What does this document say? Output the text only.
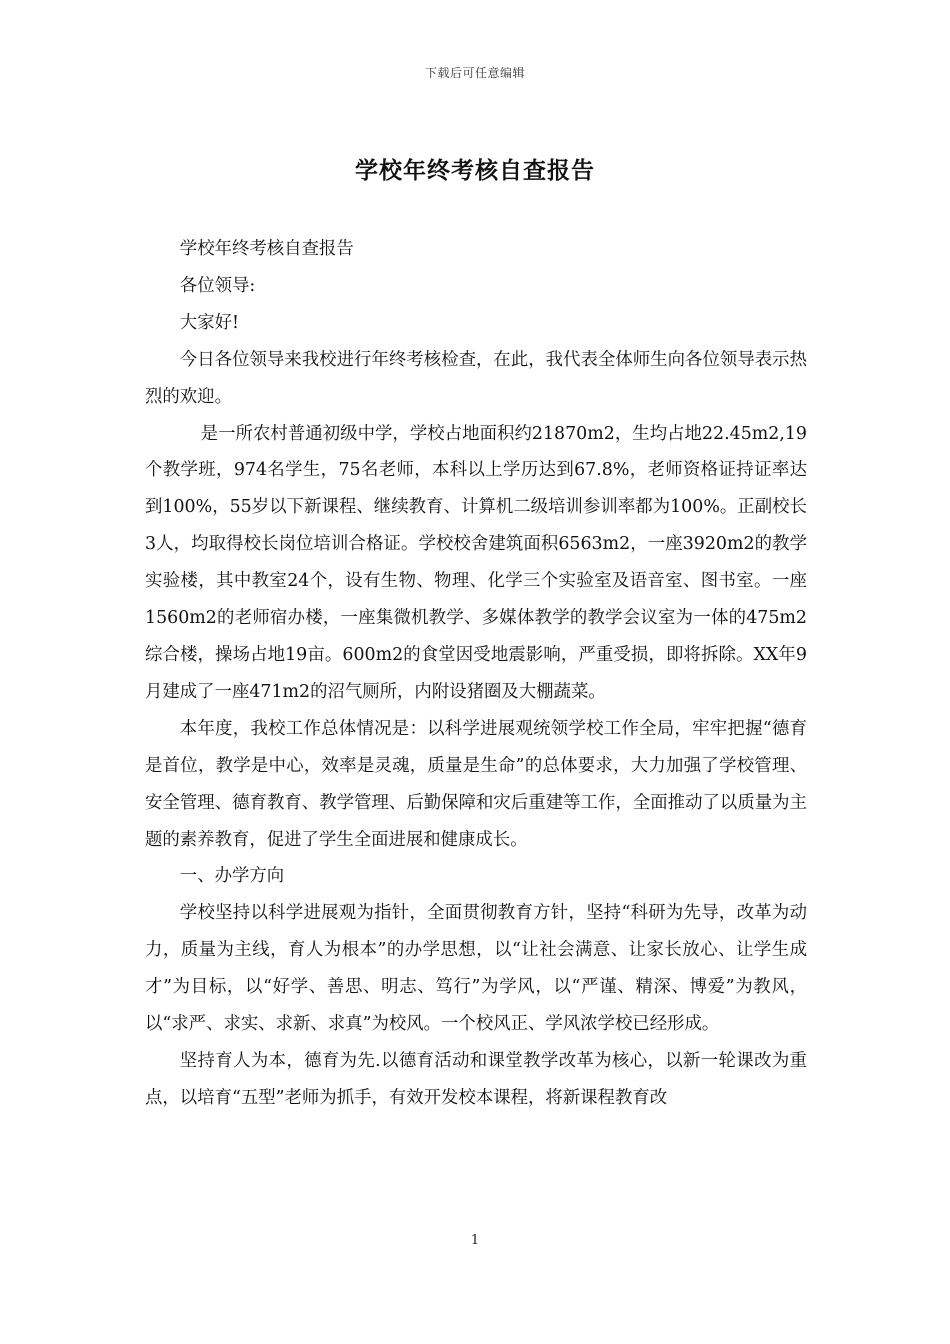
下载后可任意编辑
学校年终考核自查报告

学校年终考核自查报告

各位领导:

大家好!

今日各位领导来我校进行年终考核检查，在此，我代表全体师生向各位领导表示热烈的欢迎。

是一所农村普通初级中学，学校占地面积约21870m2，生均占地22.45m2,19个教学班，974名学生，75名老师，本科以上学历达到67.8%，老师资格证持证率达到100%，55岁以下新课程、继续教育、计算机二级培训参训率都为100%。正副校长3人，均取得校长岗位培训合格证。学校校舍建筑面积6563m2，一座3920m2的教学实验楼，其中教室24个，设有生物、物理、化学三个实验室及语音室、图书室。一座1560m2的老师宿办楼，一座集微机教学、多媒体教学的教学会议室为一体的475m2综合楼，操场占地19亩。600m2的食堂因受地震影响，严重受损，即将拆除。XX年9月建成了一座471m2的沼气厕所，内附设猪圈及大棚蔬菜。

本年度，我校工作总体情况是：以科学进展观统领学校工作全局，牢牢把握“德育是首位，教学是中心，效率是灵魂，质量是生命”的总体要求，大力加强了学校管理、安全管理、德育教育、教学管理、后勤保障和灾后重建等工作，全面推动了以质量为主题的素养教育，促进了学生全面进展和健康成长。

一、办学方向

学校坚持以科学进展观为指针，全面贯彻教育方针，坚持“科研为先导，改革为动力，质量为主线，育人为根本”的办学思想，以“让社会满意、让家长放心、让学生成才”为目标，以“好学、善思、明志、笃行”为学风，以“严谨、精深、博爱”为教风，以“求严、求实、求新、求真”为校风。一个校风正、学风浓学校已经形成。

坚持育人为本，德育为先.以德育活动和课堂教学改革为核心，以新一轮课改为重点，以培育“五型”老师为抓手，有效开发校本课程，将新课程教育改

1
